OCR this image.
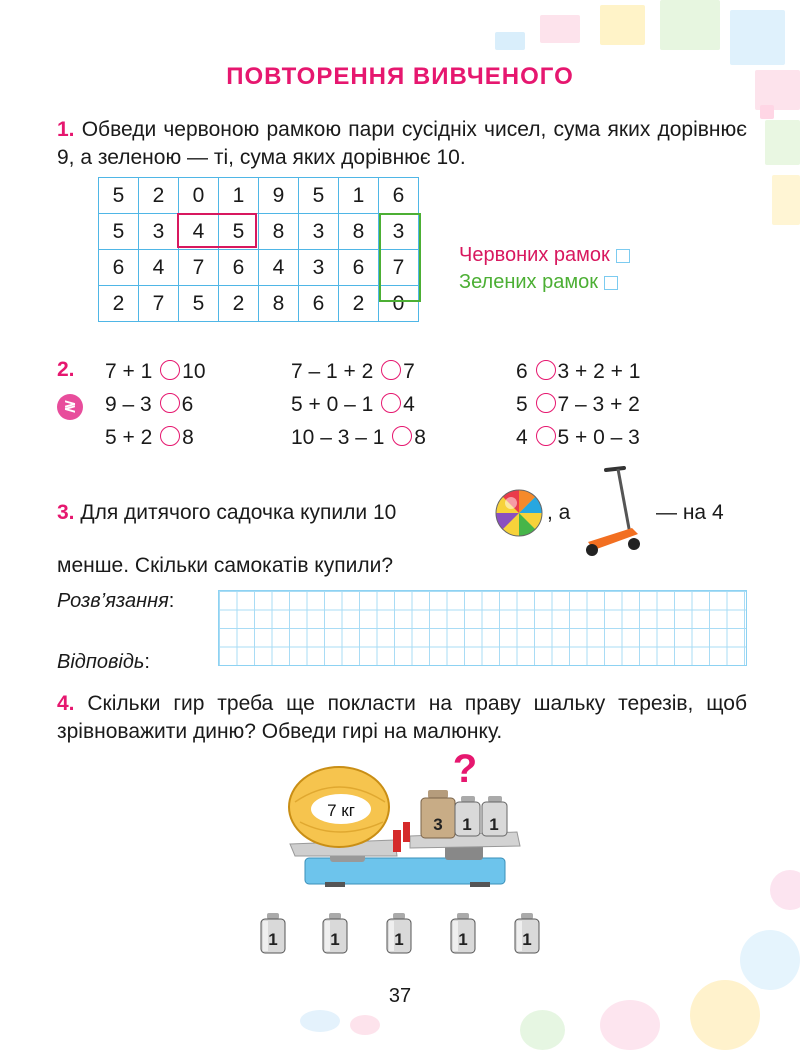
ПОВТОРЕННЯ ВИВЧЕНОГО
1. Обведи червоною рамкою пари сусідніх чисел, сума яких дорівнює 9, а зеленою — ті, сума яких дорівнює 10.
5	2	0	1	9	5	1	6
5	3	4	5	8	3	8	3
6	4	7	6	4	3	6	7
2	7	5	2	8	6	2	0
Червоних рамок
Зелених рамок
2.
≷
7 + 1 10
9 – 3 6
5 + 2 8
7 – 1 + 2 7
5 + 0 – 1 4
10 – 3 – 1 8
6 3 + 2 + 1
5 7 – 3 + 2
4 5 + 0 – 3
3. Для дитячого садочка купили 10	, а	— на 4
менше. Скільки самокатів купили?
Розв’язання:
Відповідь:
4. Скільки гир треба ще покласти на праву шальку терезів, щоб зрівноважити диню? Обведи гирі на малюнку.
7 кг
?
3 1 1
1	1	1	1	1
37
